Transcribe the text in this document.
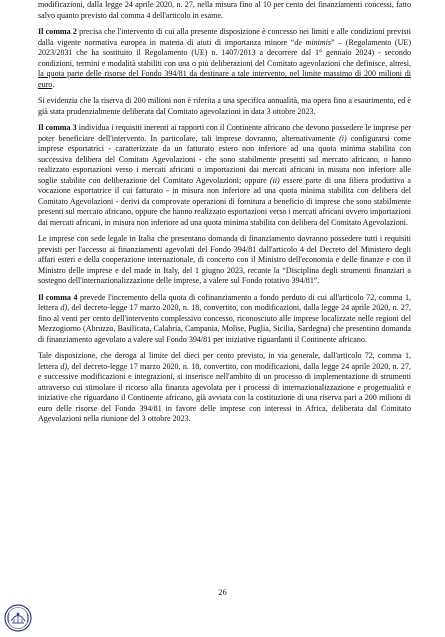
modificazioni, dalla legge 24 aprile 2020, n. 27, nella misura fino al 10 per cento dei finanziamenti concessi, fatto salvo quanto previsto dal comma 4 dell'articolo in esame.

Il comma 2 precisa che l'intervento di cui alla presente disposizione è concesso nei limiti e alle condizioni previsti dalla vigente normativa europea in materia di aiuti di importanza minore “de minimis” – (Regolamento (UE) 2023/2831 che ha sostituito il Regolamento (UE) n. 1407/2013 a decorrere dal 1° gennaio 2024) - secondo condizioni, termini e modalità stabiliti con una o più deliberazioni del Comitato agevolazioni che definisce, altresì, la quota parte delle risorse del Fondo 394/81 da destinare a tale intervento, nel limite massimo di 200 milioni di euro.

Si evidenzia che la riserva di 200 milioni non è riferita a una specifica annualità, ma opera fino a esaurimento, ed è già stata prudenzialmente deliberata dal Comitato agevolazioni in data 3 ottobre 2023.

Il comma 3 individua i requisiti inerenti ai rapporti con il Continente africano che devono possedere le imprese per poter beneficiare dell'intervento. In particolare, tali imprese dovranno, alternativamente (i) configurarsi come imprese esportatrici - caratterizzate da un fatturato estero non inferiore ad una quota minima stabilita con successiva delibera del Comitato Agevolazioni - che sono stabilmente presenti sul mercato africano, o hanno realizzato esportazioni verso i mercati africani o importazioni dai mercati africani in misura non inferiore alle soglie stabilite con deliberazione del Comitato Agevolazioni; oppure (ii) essere parte di una filiera produttiva a vocazione esportatrice il cui fatturato - in misura non inferiore ad una quota minima stabilita con delibera del Comitato Agevolazioni - derivi da comprovate operazioni di fornitura a beneficio di imprese che sono stabilmente presenti sul mercato africano, oppure che hanno realizzato esportazioni verso i mercati africani ovvero importazioni dai mercati africani, in misura non inferiore ad una quota minima stabilita con delibera del Comitato Agevolazioni.

Le imprese con sede legale in Italia che presentano domanda di finanziamento dovranno possedere tutti i requisiti previsti per l'accesso ai finanziamenti agevolati del Fondo 394/81 dall'articolo 4 del Decreto del Ministero degli affari esteri e della cooperazione internazionale, di concerto con il Ministro dell'economia e delle finanze e con il Ministro delle imprese e del made in Italy, del 1 giugno 2023, recante la “Disciplina degli strumenti finanziari a sostegno dell'internazionalizzazione delle imprese, a valere sul Fondo rotativo 394/81”.

Il comma 4 prevede l'incremento della quota di cofinanziamento a fondo perduto di cui all'articolo 72, comma 1, lettera d), del decreto-legge 17 marzo 2020, n. 18, convertito, con modificazioni, dalla legge 24 aprile 2020, n. 27, fino al venti per cento dell'intervento complessivo concesso, riconosciuto alle imprese localizzate nelle regioni del Mezzogiorno (Abruzzo, Basilicata, Calabria, Campania, Molise, Puglia, Sicilia, Sardegna) che presentino domanda di finanziamento agevolato a valere sul Fondo 394/81 per iniziative riguardanti il Continente africano.

Tale disposizione, che deroga al limite del dieci per cento previsto, in via generale, dall'articolo 72, comma 1, lettera d), del decreto-legge 17 marzo 2020, n. 18, convertito, con modificazioni, dalla legge 24 aprile 2020, n. 27, e successive modificazioni e integrazioni, si inserisce nell'ambito di un processo di implementazione di strumenti attraverso cui stimolare il ricorso alla finanza agevolata per i processi di internazionalizzazione e progettualità e iniziative che riguardano il Continente africano, già avviata con la costituzione di una riserva pari a 200 milioni di euro delle risorse del Fondo 394/81 in favore delle imprese con interessi in Africa, deliberata dal Comitato Agevolazioni nella riunione del 3 ottobre 2023.

26
